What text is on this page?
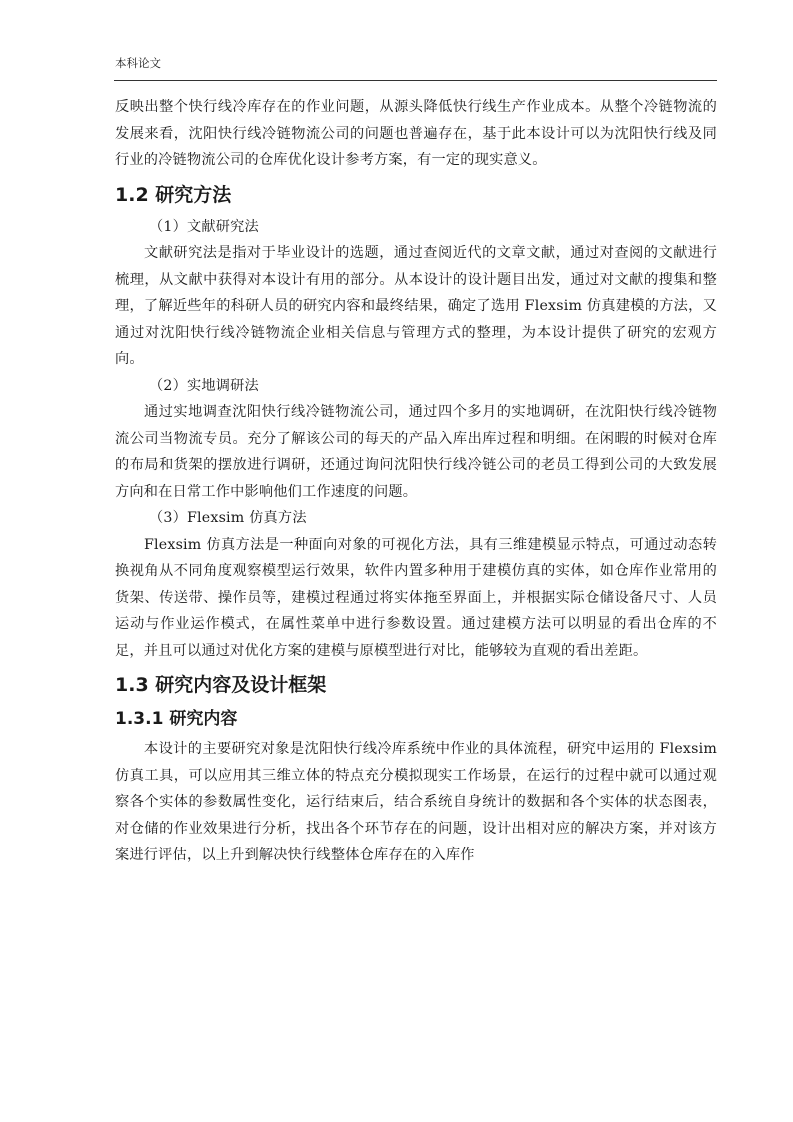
本科论文

反映出整个快行线冷库存在的作业问题，从源头降低快行线生产作业成本。从整个冷链物流的发展来看，沈阳快行线冷链物流公司的问题也普遍存在，基于此本设计可以为沈阳快行线及同行业的冷链物流公司的仓库优化设计参考方案，有一定的现实意义。

1.2 研究方法

（1）文献研究法

文献研究法是指对于毕业设计的选题，通过查阅近代的文章文献，通过对查阅的文献进行梳理，从文献中获得对本设计有用的部分。从本设计的设计题目出发，通过对文献的搜集和整理，了解近些年的科研人员的研究内容和最终结果，确定了选用 Flexsim 仿真建模的方法，又通过对沈阳快行线冷链物流企业相关信息与管理方式的整理，为本设计提供了研究的宏观方向。

（2）实地调研法

通过实地调查沈阳快行线冷链物流公司，通过四个多月的实地调研，在沈阳快行线冷链物流公司当物流专员。充分了解该公司的每天的产品入库出库过程和明细。在闲暇的时候对仓库的布局和货架的摆放进行调研，还通过询问沈阳快行线冷链公司的老员工得到公司的大致发展方向和在日常工作中影响他们工作速度的问题。

（3）Flexsim 仿真方法

Flexsim 仿真方法是一种面向对象的可视化方法，具有三维建模显示特点，可通过动态转换视角从不同角度观察模型运行效果，软件内置多种用于建模仿真的实体，如仓库作业常用的货架、传送带、操作员等，建模过程通过将实体拖至界面上，并根据实际仓储设备尺寸、人员运动与作业运作模式，在属性菜单中进行参数设置。通过建模方法可以明显的看出仓库的不足，并且可以通过对优化方案的建模与原模型进行对比，能够较为直观的看出差距。

1.3 研究内容及设计框架
1.3.1 研究内容

本设计的主要研究对象是沈阳快行线冷库系统中作业的具体流程，研究中运用的 Flexsim 仿真工具，可以应用其三维立体的特点充分模拟现实工作场景，在运行的过程中就可以通过观察各个实体的参数属性变化，运行结束后，结合系统自身统计的数据和各个实体的状态图表，对仓储的作业效果进行分析，找出各个环节存在的问题，设计出相对应的解决方案，并对该方案进行评估，以上升到解决快行线整体仓库存在的入库作
